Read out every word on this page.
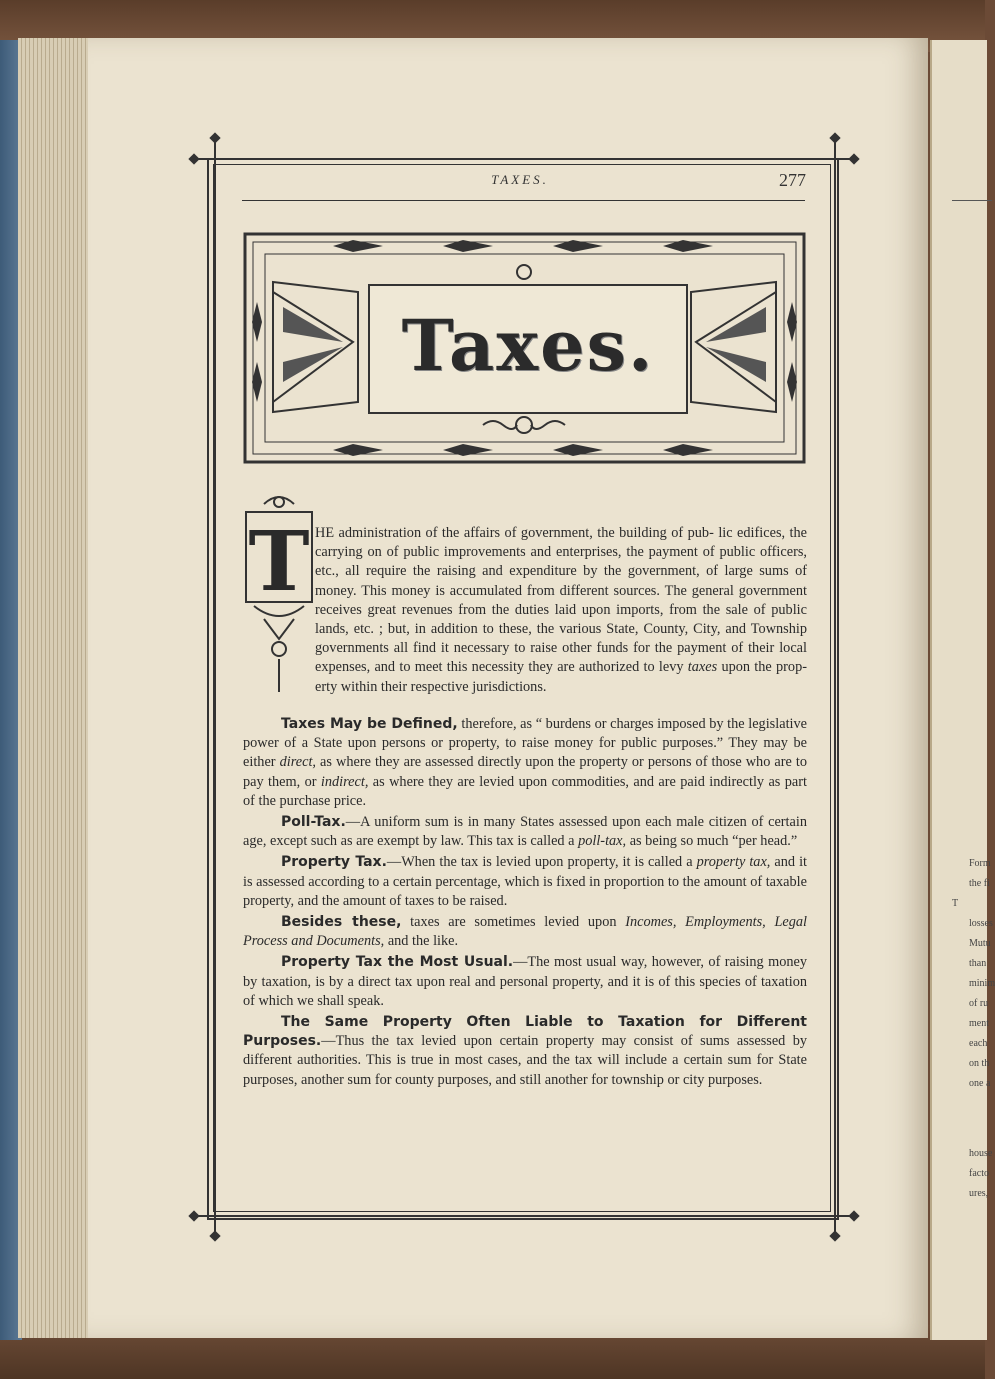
Form
the fi
T
losses
Mutu
than
minim
of ru
ment
each
on th
one a
house
facto
ures,
TAXES.	277
Taxes.
T HE administration of the affairs of government, the building of pub- lic edifices, the carrying on of public improvements and enterprises, the payment of public officers, etc., all require the raising and expenditure by the government, of large sums of money. This money is accumulated from different sources. The general government receives great revenues from the duties laid upon imports, from the sale of public lands, etc. ; but, in addition to these, the various State, County, City, and Township governments all find it necessary to raise other funds for the payment of their local expenses, and to meet this necessity they are authorized to levy taxes upon the property within their respective jurisdictions.

Taxes May be Defined, therefore, as “ burdens or charges imposed by the legislative power of a State upon persons or property, to raise money for public purposes.” They may be either direct, as where they are assessed directly upon the property or persons of those who are to pay them, or indirect, as where they are levied upon commodities, and are paid indirectly as part of the purchase price.

Poll-Tax.—A uniform sum is in many States assessed upon each male citizen of certain age, except such as are exempt by law. This tax is called a poll-tax, as being so much “per head.”

Property Tax.—When the tax is levied upon property, it is called a property tax, and it is assessed according to a certain percentage, which is fixed in proportion to the amount of taxable property, and the amount of taxes to be raised.

Besides these, taxes are sometimes levied upon Incomes, Employments, Legal Process and Documents, and the like.

Property Tax the Most Usual.—The most usual way, however, of raising money by taxation, is by a direct tax upon real and personal property, and it is of this species of taxation of which we shall speak.

The Same Property Often Liable to Taxation for Different Purposes.—Thus the tax levied upon certain property may consist of sums assessed by different authorities. This is true in most cases, and the tax will include a certain sum for State purposes, another sum for county purposes, and still another for township or city purposes.
